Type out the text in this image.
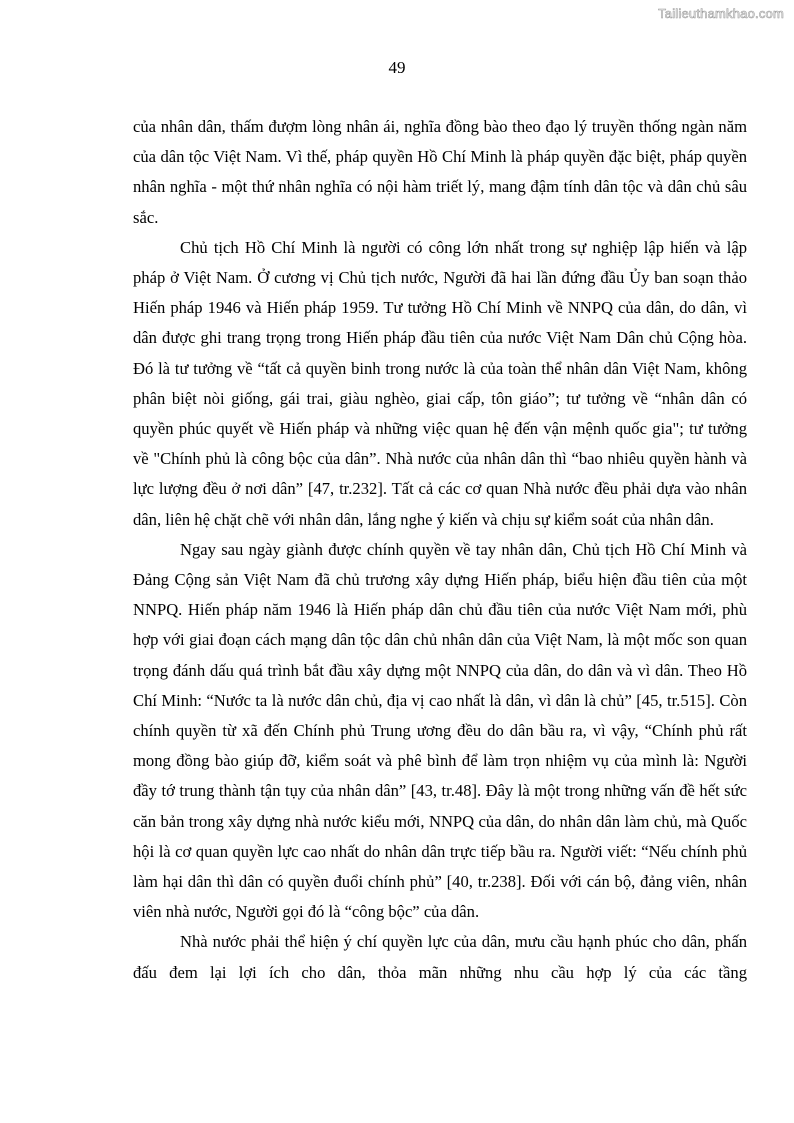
Tailieuthamkhao.com
49

của nhân dân, thấm đượm lòng nhân ái, nghĩa đồng bào theo đạo lý truyền thống ngàn năm của dân tộc Việt Nam. Vì thế, pháp quyền Hồ Chí Minh là pháp quyền đặc biệt, pháp quyền nhân nghĩa - một thứ nhân nghĩa có nội hàm triết lý, mang đậm tính dân tộc và dân chủ sâu sắc.

Chủ tịch Hồ Chí Minh là người có công lớn nhất trong sự nghiệp lập hiến và lập pháp ở Việt Nam. Ở cương vị Chủ tịch nước, Người đã hai lần đứng đầu Ủy ban soạn thảo Hiến pháp 1946 và Hiến pháp 1959. Tư tưởng Hồ Chí Minh về NNPQ của dân, do dân, vì dân được ghi trang trọng trong Hiến pháp đầu tiên của nước Việt Nam Dân chủ Cộng hòa. Đó là tư tưởng về “tất cả quyền binh trong nước là của toàn thể nhân dân Việt Nam, không phân biệt nòi giống, gái trai, giàu nghèo, giai cấp, tôn giáo”; tư tưởng về “nhân dân có quyền phúc quyết về Hiến pháp và những việc quan hệ đến vận mệnh quốc gia"; tư tưởng về "Chính phủ là công bộc của dân”. Nhà nước của nhân dân thì “bao nhiêu quyền hành và lực lượng đều ở nơi dân” [47, tr.232]. Tất cả các cơ quan Nhà nước đều phải dựa vào nhân dân, liên hệ chặt chẽ với nhân dân, lắng nghe ý kiến và chịu sự kiểm soát của nhân dân.

Ngay sau ngày giành được chính quyền về tay nhân dân, Chủ tịch Hồ Chí Minh và Đảng Cộng sản Việt Nam đã chủ trương xây dựng Hiến pháp, biểu hiện đầu tiên của một NNPQ. Hiến pháp năm 1946 là Hiến pháp dân chủ đầu tiên của nước Việt Nam mới, phù hợp với giai đoạn cách mạng dân tộc dân chủ nhân dân của Việt Nam, là một mốc son quan trọng đánh dấu quá trình bắt đầu xây dựng một NNPQ của dân, do dân và vì dân. Theo Hồ Chí Minh: “Nước ta là nước dân chủ, địa vị cao nhất là dân, vì dân là chủ” [45, tr.515]. Còn chính quyền từ xã đến Chính phủ Trung ương đều do dân bầu ra, vì vậy, “Chính phủ rất mong đồng bào giúp đỡ, kiểm soát và phê bình để làm trọn nhiệm vụ của mình là: Người đầy tớ trung thành tận tụy của nhân dân” [43, tr.48]. Đây là một trong những vấn đề hết sức căn bản trong xây dựng nhà nước kiểu mới, NNPQ của dân, do nhân dân làm chủ, mà Quốc hội là cơ quan quyền lực cao nhất do nhân dân trực tiếp bầu ra. Người viết: “Nếu chính phủ làm hại dân thì dân có quyền đuổi chính phủ” [40, tr.238]. Đối với cán bộ, đảng viên, nhân viên nhà nước, Người gọi đó là “công bộc” của dân.

Nhà nước phải thể hiện ý chí quyền lực của dân, mưu cầu hạnh phúc cho dân, phấn đấu đem lại lợi ích cho dân, thỏa mãn những nhu cầu hợp lý của các tầng
